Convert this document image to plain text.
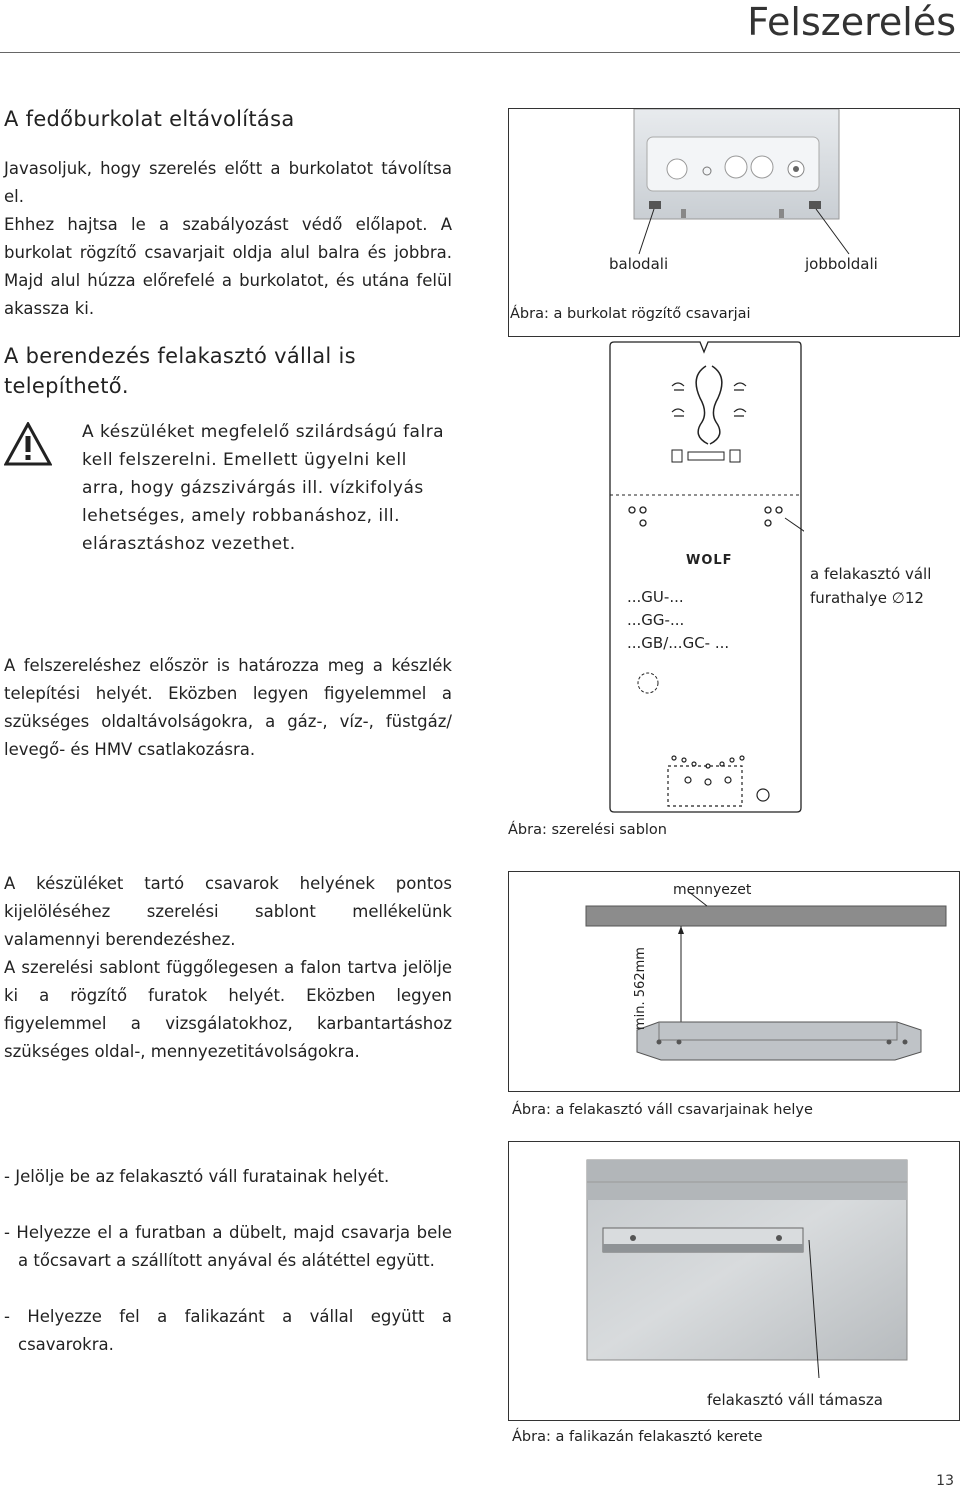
Felszerelés
A fedőburkolat eltávolítása
Javasoljuk, hogy szerelés előtt a burkolatot távolítsa el.
Ehhez hajtsa le a szabályozást védő előlapot. A burkolat rögzítő csavarjait oldja alul balra és jobbra. Majd alul húzza előrefelé a burkolatot, és utána felül akassza ki.
A berendezés felakasztó vállal is telepíthető.
A készüléket megfelelő szilárdságú falra kell felszerelni. Emellett ügyelni kell arra, hogy gázszivárgás ill. vízkifolyás lehetséges, amely robbanáshoz, ill. elárasztáshoz vezethet.
A felszereléshez először is határozza meg a készlék telepítési helyét. Eközben legyen figyelemmel a szükséges oldaltávolságokra, a gáz-, víz-, füstgáz/ levegő- és HMV csatlakozásra.
A készüléket tartó csavarok helyének pontos kijelöléséhez szerelési sablont mellékelünk valamennyi berendezéshez.
A szerelési sablont függőlegesen a falon tartva jelölje ki a rögzítő furatok helyét. Eközben legyen figyelemmel a vizsgálatokhoz, karbantartáshoz szükséges oldal-, mennyezetitávolságokra.
- Jelölje be az felakasztó váll furatainak helyét.
- Helyezze el a furatban a dübelt, majd csavarja bele a tőcsavart a szállított anyával és alátéttel együtt.
- Helyezze fel a falikazánt a vállal együtt a csavarokra.
balodali	jobboldali
Ábra: a burkolat rögzítő csavarjai
WOLF
...GU-...
...GG-...
...GB/...GC- ...
a felakasztó váll
furathalye ∅12
Ábra: szerelési sablon
mennyezet
min. 562mm
Ábra: a felakasztó váll csavarjainak helye
felakasztó váll támasza
Ábra: a falikazán felakasztó kerete
13
